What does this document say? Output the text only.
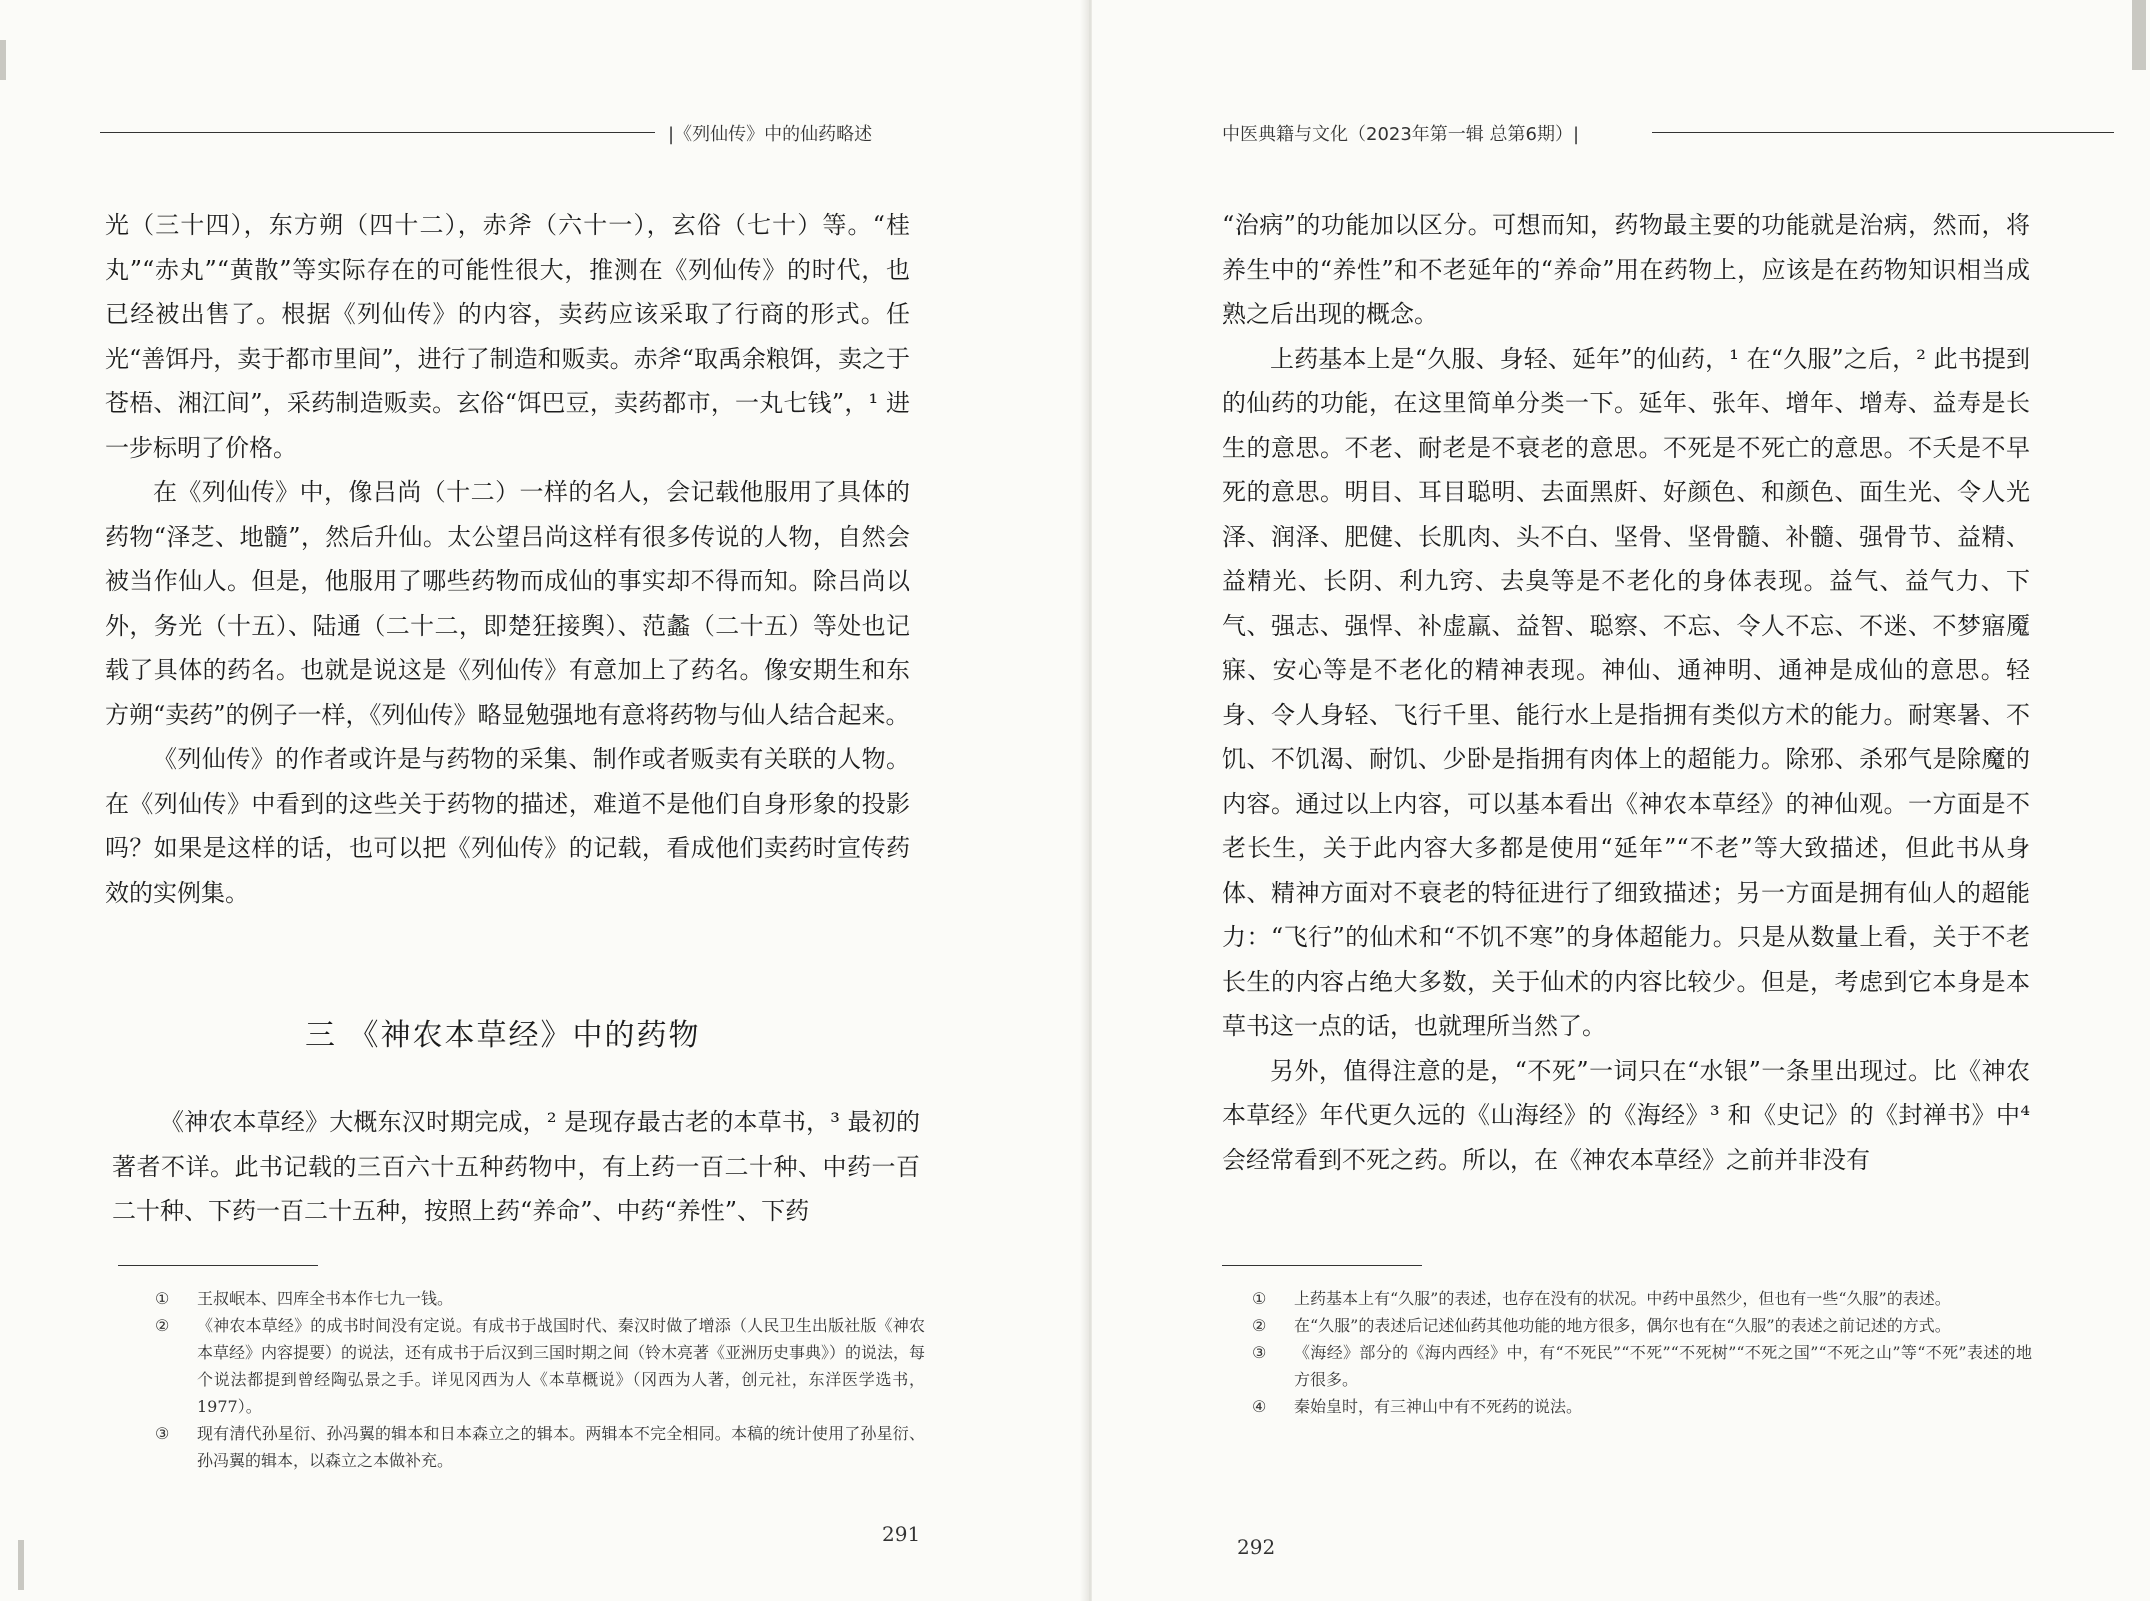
|《列仙传》中的仙药略述

光（三十四），东方朔（四十二），赤斧（六十一），玄俗（七十）等。“桂丸”“赤丸”“黄散”等实际存在的可能性很大，推测在《列仙传》的时代，也已经被出售了。根据《列仙传》的内容，卖药应该采取了行商的形式。任光“善饵丹，卖于都市里间”，进行了制造和贩卖。赤斧“取禹余粮饵，卖之于苍梧、湘江间”，采药制造贩卖。玄俗“饵巴豆，卖药都市，一丸七钱”，¹ 进一步标明了价格。

在《列仙传》中，像吕尚（十二）一样的名人，会记载他服用了具体的药物“泽芝、地髓”，然后升仙。太公望吕尚这样有很多传说的人物，自然会被当作仙人。但是，他服用了哪些药物而成仙的事实却不得而知。除吕尚以外，务光（十五）、陆通（二十二，即楚狂接舆）、范蠡（二十五）等处也记载了具体的药名。也就是说这是《列仙传》有意加上了药名。像安期生和东方朔“卖药”的例子一样，《列仙传》略显勉强地有意将药物与仙人结合起来。

《列仙传》的作者或许是与药物的采集、制作或者贩卖有关联的人物。在《列仙传》中看到的这些关于药物的描述，难道不是他们自身形象的投影吗？如果是这样的话，也可以把《列仙传》的记载，看成他们卖药时宣传药效的实例集。

三 《神农本草经》中的药物

《神农本草经》大概东汉时期完成，² 是现存最古老的本草书，³ 最初的著者不详。此书记载的三百六十五种药物中，有上药一百二十种、中药一百二十种、下药一百二十五种，按照上药“养命”、中药“养性”、下药

①	王叔岷本、四库全书本作七九一钱。
②	《神农本草经》的成书时间没有定说。有成书于战国时代、秦汉时做了增添（人民卫生出版社版《神农本草经》内容提要）的说法，还有成书于后汉到三国时期之间（铃木亮著《亚洲历史事典》）的说法，每个说法都提到曾经陶弘景之手。详见冈西为人《本草概说》（冈西为人著，创元社，东洋医学选书，1977）。
③	现有清代孙星衍、孙冯翼的辑本和日本森立之的辑本。两辑本不完全相同。本稿的统计使用了孙星衍、孙冯翼的辑本，以森立之本做补充。
291
中医典籍与文化（2023年第一辑 总第6期）|

“治病”的功能加以区分。可想而知，药物最主要的功能就是治病，然而，将养生中的“养性”和不老延年的“养命”用在药物上，应该是在药物知识相当成熟之后出现的概念。

上药基本上是“久服、身轻、延年”的仙药，¹ 在“久服”之后，² 此书提到的仙药的功能，在这里简单分类一下。延年、张年、增年、增寿、益寿是长生的意思。不老、耐老是不衰老的意思。不死是不死亡的意思。不夭是不早死的意思。明目、耳目聪明、去面黑皯、好颜色、和颜色、面生光、令人光泽、润泽、肥健、长肌肉、头不白、坚骨、坚骨髓、补髓、强骨节、益精、益精光、长阴、利九窍、去臭等是不老化的身体表现。益气、益气力、下气、强志、强悍、补虚羸、益智、聪察、不忘、令人不忘、不迷、不梦寤魇寐、安心等是不老化的精神表现。神仙、通神明、通神是成仙的意思。轻身、令人身轻、飞行千里、能行水上是指拥有类似方术的能力。耐寒暑、不饥、不饥渴、耐饥、少卧是指拥有肉体上的超能力。除邪、杀邪气是除魔的内容。通过以上内容，可以基本看出《神农本草经》的神仙观。一方面是不老长生，关于此内容大多都是使用“延年”“不老”等大致描述，但此书从身体、精神方面对不衰老的特征进行了细致描述；另一方面是拥有仙人的超能力：“飞行”的仙术和“不饥不寒”的身体超能力。只是从数量上看，关于不老长生的内容占绝大多数，关于仙术的内容比较少。但是，考虑到它本身是本草书这一点的话，也就理所当然了。

另外，值得注意的是，“不死”一词只在“水银”一条里出现过。比《神农本草经》年代更久远的《山海经》的《海经》³ 和《史记》的《封禅书》中⁴ 会经常看到不死之药。所以，在《神农本草经》之前并非没有

①	上药基本上有“久服”的表述，也存在没有的状况。中药中虽然少，但也有一些“久服”的表述。
②	在“久服”的表述后记述仙药其他功能的地方很多，偶尔也有在“久服”的表述之前记述的方式。
③	《海经》部分的《海内西经》中，有“不死民”“不死”“不死树”“不死之国”“不死之山”等“不死”表述的地方很多。
④	秦始皇时，有三神山中有不死药的说法。
292
